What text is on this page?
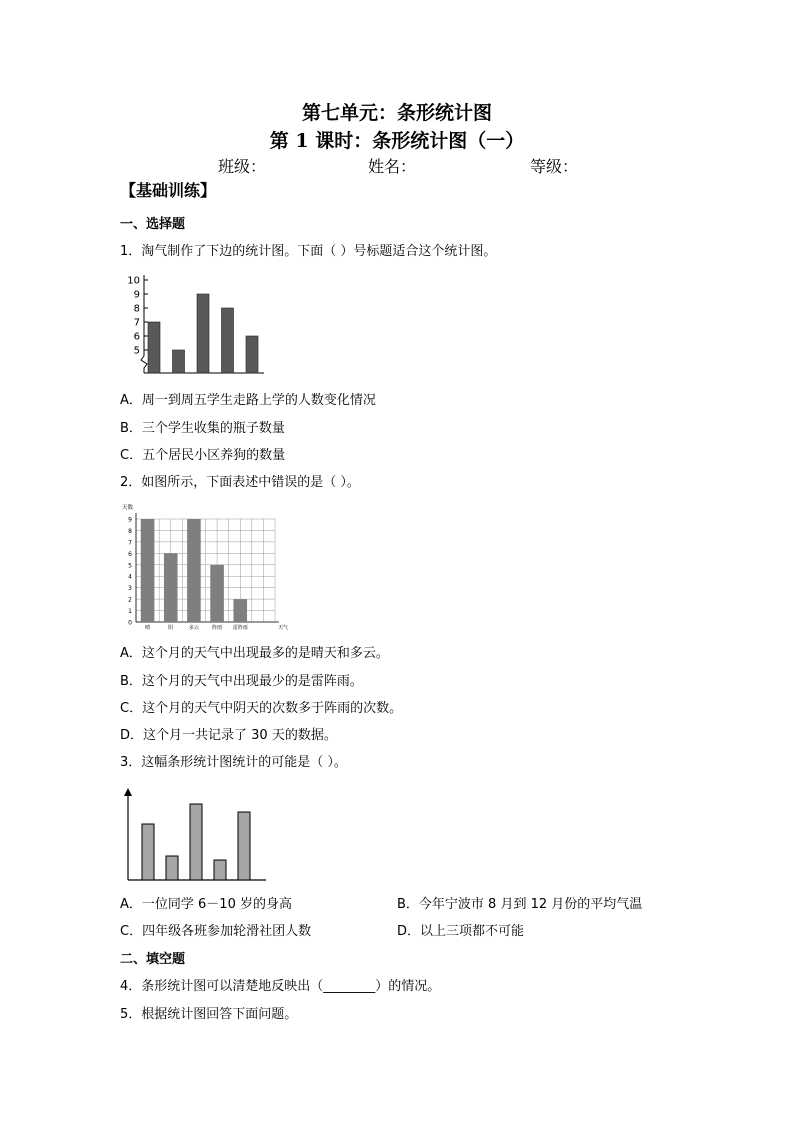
第七单元：条形统计图
第 1 课时：条形统计图（一）
班级：	姓名：	等级：
【基础训练】
一、选择题
1．淘气制作了下边的统计图。下面（ ）号标题适合这个统计图。
5
6
7
8
9
10
A．周一到周五学生走路上学的人数变化情况
B．三个学生收集的瓶子数量
C．五个居民小区养狗的数量
2．如图所示，下面表述中错误的是（ ）。
天数
0
1
2
3
4
5
6
7
8
9
晴	阴	多云	阵雨 雷阵雨	天气
A．这个月的天气中出现最多的是晴天和多云。
B．这个月的天气中出现最少的是雷阵雨。
C．这个月的天气中阴天的次数多于阵雨的次数。
D．这个月一共记录了 30 天的数据。
3．这幅条形统计图统计的可能是（ ）。
A．一位同学 6－10 岁的身高	B．今年宁波市 8 月到 12 月份的平均气温
C．四年级各班参加轮滑社团人数	D．以上三项都不可能
二、填空题
4．条形统计图可以清楚地反映出（________）的情况。
5．根据统计图回答下面问题。
